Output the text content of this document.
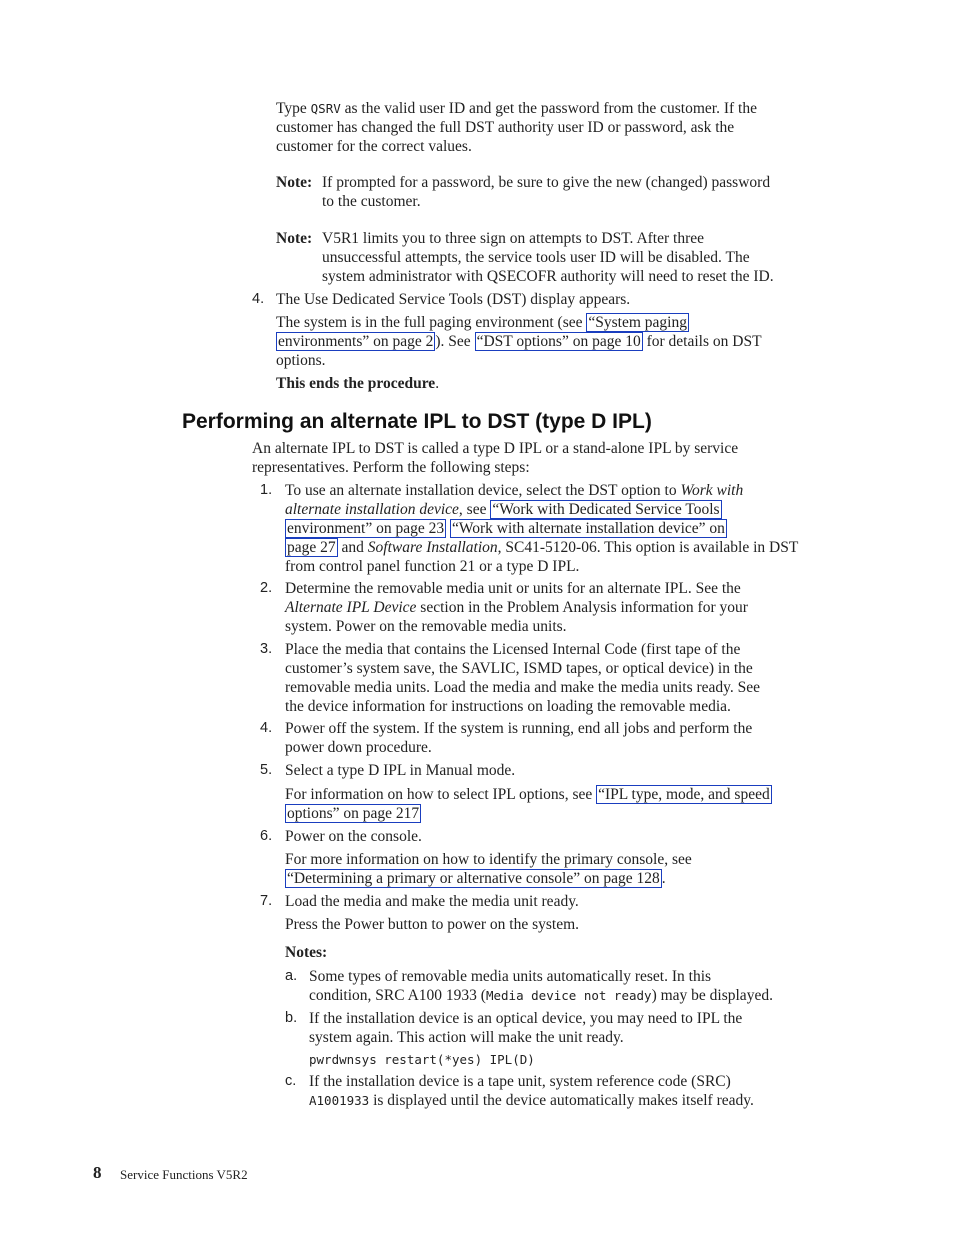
Type QSRV as the valid user ID and get the password from the customer. If the
customer has changed the full DST authority user ID or password, ask the
customer for the correct values.
Note: If prompted for a password, be sure to give the new (changed) password
to the customer.
Note: V5R1 limits you to three sign on attempts to DST. After three
unsuccessful attempts, the service tools user ID will be disabled. The
system administrator with QSECOFR authority will need to reset the ID.
4. The Use Dedicated Service Tools (DST) display appears.
The system is in the full paging environment (see “System paging
environments” on page 2 ). See “DST options” on page 10 for details on DST
options.
This ends the procedure.
Performing an alternate IPL to DST (type D IPL)
An alternate IPL to DST is called a type D IPL or a stand-alone IPL by service
representatives. Perform the following steps:
1. To use an alternate installation device, select the DST option to Work with
alternate installation device, see “Work with Dedicated Service Tools
environment” on page 23 “Work with alternate installation device” on
page 27 and Software Installation, SC41-5120-06. This option is available in DST
from control panel function 21 or a type D IPL.
2. Determine the removable media unit or units for an alternate IPL. See the
Alternate IPL Device section in the Problem Analysis information for your
system. Power on the removable media units.
3. Place the media that contains the Licensed Internal Code (first tape of the
customer’s system save, the SAVLIC, ISMD tapes, or optical device) in the
removable media units. Load the media and make the media units ready. See
the device information for instructions on loading the removable media.
4. Power off the system. If the system is running, end all jobs and perform the
power down procedure.
5. Select a type D IPL in Manual mode.
For information on how to select IPL options, see “IPL type, mode, and speed
options” on page 217
6. Power on the console.
For more information on how to identify the primary console, see
“Determining a primary or alternative console” on page 128 .
7. Load the media and make the media unit ready.
Press the Power button to power on the system.
Notes:
a. Some types of removable media units automatically reset. In this
condition, SRC A100 1933 (Media device not ready) may be displayed.
b. If the installation device is an optical device, you may need to IPL the
system again. This action will make the unit ready.
pwrdwnsys restart(*yes) IPL(D)
c. If the installation device is a tape unit, system reference code (SRC)
A1001933 is displayed until the device automatically makes itself ready.
8 Service Functions V5R2
